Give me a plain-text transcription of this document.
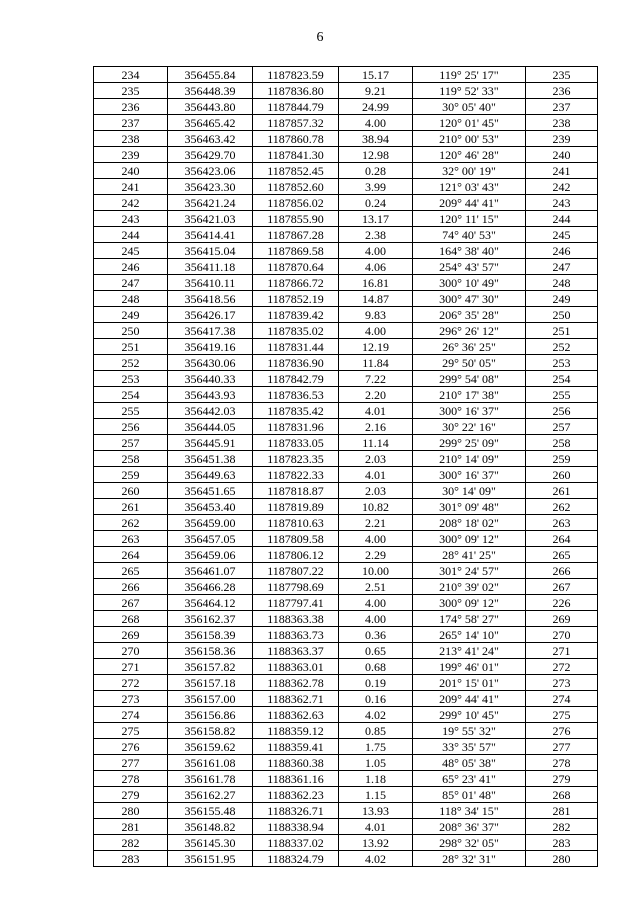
6
234	356455.84	1187823.59	15.17	119° 25' 17"	235
235	356448.39	1187836.80	9.21	119° 52' 33"	236
236	356443.80	1187844.79	24.99	30° 05' 40"	237
237	356465.42	1187857.32	4.00	120° 01' 45"	238
238	356463.42	1187860.78	38.94	210° 00' 53"	239
239	356429.70	1187841.30	12.98	120° 46' 28"	240
240	356423.06	1187852.45	0.28	32° 00' 19"	241
241	356423.30	1187852.60	3.99	121° 03' 43"	242
242	356421.24	1187856.02	0.24	209° 44' 41"	243
243	356421.03	1187855.90	13.17	120° 11' 15"	244
244	356414.41	1187867.28	2.38	74° 40' 53"	245
245	356415.04	1187869.58	4.00	164° 38' 40"	246
246	356411.18	1187870.64	4.06	254° 43' 57"	247
247	356410.11	1187866.72	16.81	300° 10' 49"	248
248	356418.56	1187852.19	14.87	300° 47' 30"	249
249	356426.17	1187839.42	9.83	206° 35' 28"	250
250	356417.38	1187835.02	4.00	296° 26' 12"	251
251	356419.16	1187831.44	12.19	26° 36' 25"	252
252	356430.06	1187836.90	11.84	29° 50' 05"	253
253	356440.33	1187842.79	7.22	299° 54' 08"	254
254	356443.93	1187836.53	2.20	210° 17' 38"	255
255	356442.03	1187835.42	4.01	300° 16' 37"	256
256	356444.05	1187831.96	2.16	30° 22' 16"	257
257	356445.91	1187833.05	11.14	299° 25' 09"	258
258	356451.38	1187823.35	2.03	210° 14' 09"	259
259	356449.63	1187822.33	4.01	300° 16' 37"	260
260	356451.65	1187818.87	2.03	30° 14' 09"	261
261	356453.40	1187819.89	10.82	301° 09' 48"	262
262	356459.00	1187810.63	2.21	208° 18' 02"	263
263	356457.05	1187809.58	4.00	300° 09' 12"	264
264	356459.06	1187806.12	2.29	28° 41' 25"	265
265	356461.07	1187807.22	10.00	301° 24' 57"	266
266	356466.28	1187798.69	2.51	210° 39' 02"	267
267	356464.12	1187797.41	4.00	300° 09' 12"	226
268	356162.37	1188363.38	4.00	174° 58' 27"	269
269	356158.39	1188363.73	0.36	265° 14' 10"	270
270	356158.36	1188363.37	0.65	213° 41' 24"	271
271	356157.82	1188363.01	0.68	199° 46' 01"	272
272	356157.18	1188362.78	0.19	201° 15' 01"	273
273	356157.00	1188362.71	0.16	209° 44' 41"	274
274	356156.86	1188362.63	4.02	299° 10' 45"	275
275	356158.82	1188359.12	0.85	19° 55' 32"	276
276	356159.62	1188359.41	1.75	33° 35' 57"	277
277	356161.08	1188360.38	1.05	48° 05' 38"	278
278	356161.78	1188361.16	1.18	65° 23' 41"	279
279	356162.27	1188362.23	1.15	85° 01' 48"	268
280	356155.48	1188326.71	13.93	118° 34' 15"	281
281	356148.82	1188338.94	4.01	208° 36' 37"	282
282	356145.30	1188337.02	13.92	298° 32' 05"	283
283	356151.95	1188324.79	4.02	28° 32' 31"	280
